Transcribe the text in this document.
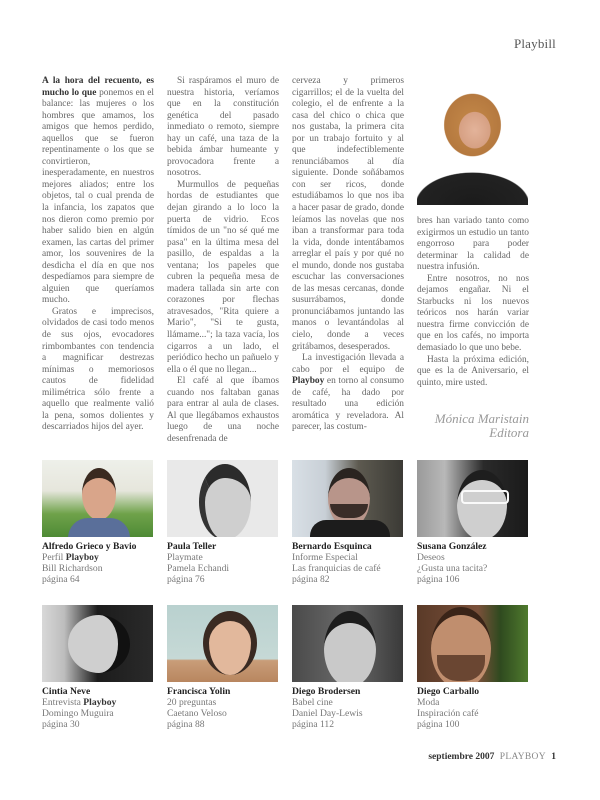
Playbill

A la hora del recuento, es mucho lo que ponemos en el balance: las mujeres o los hombres que amamos, los amigos que hemos perdido, aquellos que se fueron repentinamente o los que se convirtieron, inesperadamente, en nuestros mejores aliados; entre los objetos, tal o cual prenda de la infancia, los zapatos que nos dieron como premio por haber salido bien en algún examen, las cartas del primer amor, los souvenires de la desdicha el día en que nos despedíamos para siempre de alguien que queríamos mucho.

Gratos e imprecisos, olvidados de casi todo menos de sus ojos, evocadores rimbombantes con tendencia a magnificar destrezas mínimas o memoriosos cautos de fidelidad milimétrica sólo frente a aquello que realmente valió la pena, somos dolientes y descarriados hijos del ayer.

Si raspáramos el muro de nuestra historia, veríamos que en la constitución genética del pasado inmediato o remoto, siempre hay un café, una taza de la bebida ámbar humeante y provocadora frente a nosotros.

Murmullos de pequeñas hordas de estudiantes que dejan girando a lo loco la puerta de vidrio. Ecos tímidos de un "no sé qué me pasa" en la última mesa del pasillo, de espaldas a la ventana; los papeles que cubren la pequeña mesa de madera tallada sin arte con corazones por flechas atravesados, "Rita quiere a Mario", "Si te gusta, llámame..."; la taza vacía, los cigarros a un lado, el periódico hecho un pañuelo y ella o él que no llegan...

El café al que íbamos cuando nos faltaban ganas para entrar al aula de clases. Al que llegábamos exhaustos luego de una noche desenfrenada de

cerveza y primeros cigarrillos; el de la vuelta del colegio, el de enfrente a la casa del chico o chica que nos gustaba, la primera cita por un trabajo fortuito y al que indefectiblemente renunciábamos al día siguiente. Donde soñábamos con ser ricos, donde estudiábamos lo que nos iba a hacer pasar de grado, donde leíamos las novelas que nos iban a transformar para toda la vida, donde intentábamos arreglar el país y por qué no el mundo, donde nos gustaba escuchar las conversaciones de las mesas cercanas, donde susurrábamos, donde pronunciábamos juntando las manos o levantándolas al cielo, donde a veces gritábamos, desesperados.

La investigación llevada a cabo por el equipo de Playboy en torno al consumo de café, ha dado por resultado una edición aromática y reveladora. Al parecer, las costum-

bres han variado tanto como exigirmos un estudio un tanto engorroso para poder determinar la calidad de nuestra infusión.

Entre nosotros, no nos dejamos engañar. Ni el Starbucks ni los nuevos teóricos nos harán variar nuestra firme convicción de que en los cafés, no importa demasiado lo que uno bebe.

Hasta la próxima edición, que es la de Aniversario, el quinto, mire usted.

Mónica Maristain
Editora
Alfredo Grieco y Bavio
Perfil Playboy
Bill Richardson
página 64
Paula Teller
Playmate
Pamela Echandi
página 76
Bernardo Esquinca
Informe Especial
Las franquicias de café
página 82
Susana González
Deseos
¿Gusta una tacita?
página 106
Cintia Neve
Entrevista Playboy
Domingo Muguira
página 30
Francisca Yolin
20 preguntas
Caetano Veloso
página 88
Diego Brodersen
Babel cine
Daniel Day-Lewis
página 112
Diego Carballo
Moda
Inspiración café
página 100
septiembre 2007 PLAYBOY 1
